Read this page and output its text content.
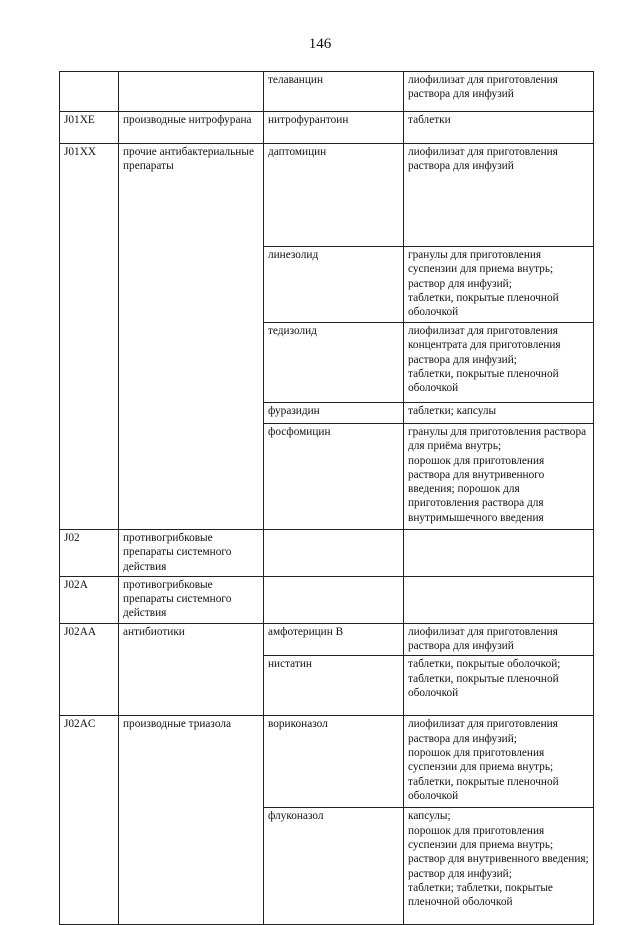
146
		телаванцин	лиофилизат для приготовления раствора для инфузий
J01XE	производные нитрофурана	нитрофурантоин	таблетки
J01XX	прочие антибактериальные препараты	даптомицин	лиофилизат для приготовления раствора для инфузий
		линезолид	гранулы для приготовления суспензии для приема внутрь;
раствор для инфузий;
таблетки, покрытые пленочной оболочкой
		тедизолид	лиофилизат для приготовления концентрата для приготовления раствора для инфузий;
таблетки, покрытые пленочной оболочкой
		фуразидин	таблетки; капсулы
		фосфомицин	гранулы для приготовления раствора для приёма внутрь;
порошок для приготовления раствора для внутривенного введения; порошок для приготовления раствора для внутримышечного введения
J02	противогрибковые препараты системного действия		
J02A	противогрибковые препараты системного действия		
J02AA	антибиотики	амфотерицин В	лиофилизат для приготовления раствора для инфузий
		нистатин	таблетки, покрытые оболочкой;
таблетки, покрытые пленочной оболочкой
J02AC	производные триазола	вориконазол	лиофилизат для приготовления раствора для инфузий;
порошок для приготовления суспензии для приема внутрь;
таблетки, покрытые пленочной оболочкой
		флуконазол	капсулы;
порошок для приготовления суспензии для приема внутрь;
раствор для внутривенного введения;
раствор для инфузий;
таблетки; таблетки, покрытые пленочной оболочкой
